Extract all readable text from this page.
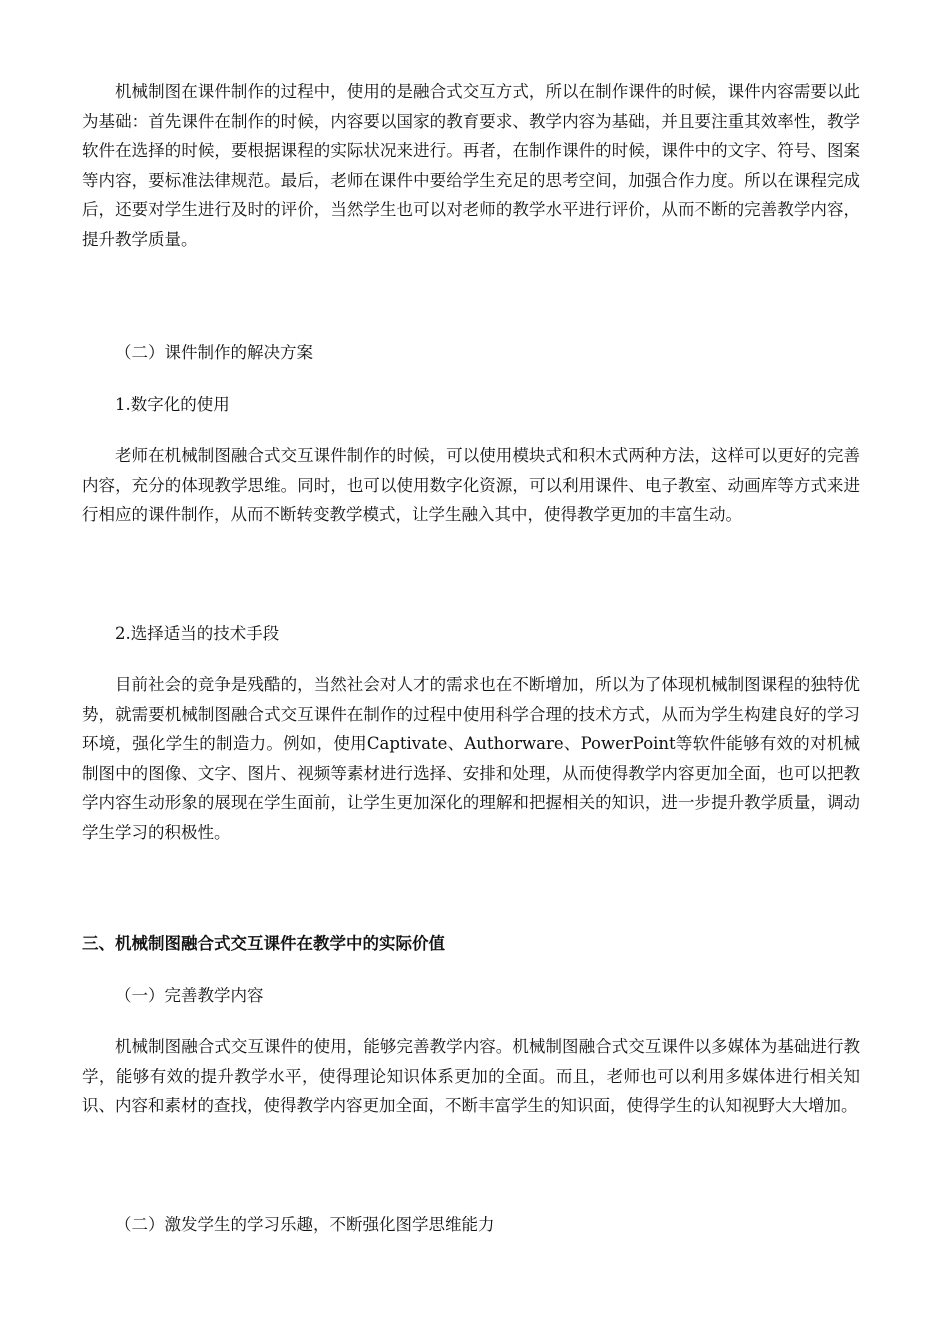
机械制图在课件制作的过程中，使用的是融合式交互方式，所以在制作课件的时候，课件内容需要以此为基础：首先课件在制作的时候，内容要以国家的教育要求、教学内容为基础，并且要注重其效率性，教学软件在选择的时候，要根据课程的实际状况来进行。再者，在制作课件的时候，课件中的文字、符号、图案等内容，要标准法律规范。最后，老师在课件中要给学生充足的思考空间，加强合作力度。所以在课程完成后，还要对学生进行及时的评价，当然学生也可以对老师的教学水平进行评价，从而不断的完善教学内容，提升教学质量。

（二）课件制作的解决方案

1.数字化的使用

老师在机械制图融合式交互课件制作的时候，可以使用模块式和积木式两种方法，这样可以更好的完善内容，充分的体现教学思维。同时，也可以使用数字化资源，可以利用课件、电子教室、动画库等方式来进行相应的课件制作，从而不断转变教学模式，让学生融入其中，使得教学更加的丰富生动。

2.选择适当的技术手段

目前社会的竞争是残酷的，当然社会对人才的需求也在不断增加，所以为了体现机械制图课程的独特优势，就需要机械制图融合式交互课件在制作的过程中使用科学合理的技术方式，从而为学生构建良好的学习环境，强化学生的制造力。例如，使用Captivate、Authorware、PowerPoint等软件能够有效的对机械制图中的图像、文字、图片、视频等素材进行选择、安排和处理，从而使得教学内容更加全面，也可以把教学内容生动形象的展现在学生面前，让学生更加深化的理解和把握相关的知识，进一步提升教学质量，调动学生学习的积极性。

三、机械制图融合式交互课件在教学中的实际价值

（一）完善教学内容

机械制图融合式交互课件的使用，能够完善教学内容。机械制图融合式交互课件以多媒体为基础进行教学，能够有效的提升教学水平，使得理论知识体系更加的全面。而且，老师也可以利用多媒体进行相关知识、内容和素材的查找，使得教学内容更加全面，不断丰富学生的知识面，使得学生的认知视野大大增加。

（二）激发学生的学习乐趣，不断强化图学思维能力
